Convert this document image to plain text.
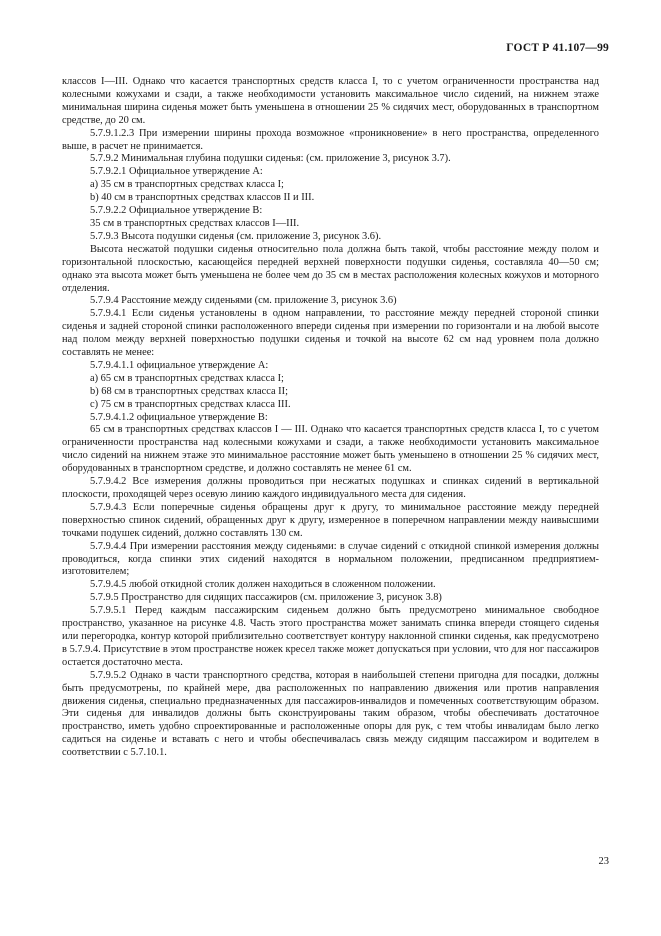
ГОСТ Р 41.107—99

классов I—III. Однако что касается транспортных средств класса I, то с учетом ограниченности пространства над колесными кожухами и сзади, а также необходимости установить максимальное число сидений, на нижнем этаже минимальная ширина сиденья может быть уменьшена в отношении 25 % сидячих мест, оборудованных в транспортном средстве, до 20 см.

5.7.9.1.2.3 При измерении ширины прохода возможное «проникновение» в него пространства, определенного выше, в расчет не принимается.

5.7.9.2 Минимальная глубина подушки сиденья: (см. приложение 3, рисунок 3.7).

5.7.9.2.1 Официальное утверждение А:

a) 35 см в транспортных средствах класса I;

b) 40 см в транспортных средствах классов II и III.

5.7.9.2.2 Официальное утверждение В:

35 см в транспортных средствах классов I—III.

5.7.9.3 Высота подушки сиденья (см. приложение 3, рисунок 3.6).

Высота несжатой подушки сиденья относительно пола должна быть такой, чтобы расстояние между полом и горизонтальной плоскостью, касающейся передней верхней поверхности подушки сиденья, составляла 40—50 см; однако эта высота может быть уменьшена не более чем до 35 см в местах расположения колесных кожухов и моторного отделения.

5.7.9.4 Расстояние между сиденьями (см. приложение 3, рисунок 3.6)

5.7.9.4.1 Если сиденья установлены в одном направлении, то расстояние между передней стороной спинки сиденья и задней стороной спинки расположенного впереди сиденья при измерении по горизонтали и на любой высоте над полом между верхней поверхностью подушки сиденья и точкой на высоте 62 см над уровнем пола должно составлять не менее:

5.7.9.4.1.1 официальное утверждение А:

a) 65 см в транспортных средствах класса I;

b) 68 см в транспортных средствах класса II;

c) 75 см в транспортных средствах класса III.

5.7.9.4.1.2 официальное утверждение В:

65 см в транспортных средствах классов I — III. Однако что касается транспортных средств класса I, то с учетом ограниченности пространства над колесными кожухами и сзади, а также необходимости установить максимальное число сидений на нижнем этаже это минимальное расстояние может быть уменьшено в отношении 25 % сидячих мест, оборудованных в транспортном средстве, и должно составлять не менее 61 см.

5.7.9.4.2 Все измерения должны проводиться при несжатых подушках и спинках сидений в вертикальной плоскости, проходящей через осевую линию каждого индивидуального места для сидения.

5.7.9.4.3 Если поперечные сиденья обращены друг к другу, то минимальное расстояние между передней поверхностью спинок сидений, обращенных друг к другу, измеренное в поперечном направлении между наивысшими точками подушек сидений, должно составлять 130 см.

5.7.9.4.4 При измерении расстояния между сиденьями: в случае сидений с откидной спинкой измерения должны проводиться, когда спинки этих сидений находятся в нормальном положении, предписанном предприятием-изготовителем;

5.7.9.4.5 любой откидной столик должен находиться в сложенном положении.

5.7.9.5 Пространство для сидящих пассажиров (см. приложение 3, рисунок 3.8)

5.7.9.5.1 Перед каждым пассажирским сиденьем должно быть предусмотрено минимальное свободное пространство, указанное на рисунке 4.8. Часть этого пространства может занимать спинка впереди стоящего сиденья или перегородка, контур которой приблизительно соответствует контуру наклонной спинки сиденья, как предусмотрено в 5.7.9.4. Присутствие в этом пространстве ножек кресел также может допускаться при условии, что для ног пассажиров остается достаточно места.

5.7.9.5.2 Однако в части транспортного средства, которая в наибольшей степени пригодна для посадки, должны быть предусмотрены, по крайней мере, два расположенных по направлению движения или против направления движения сиденья, специально предназначенных для пассажиров-инвалидов и помеченных соответствующим образом. Эти сиденья для инвалидов должны быть сконструированы таким образом, чтобы обеспечивать достаточное пространство, иметь удобно спроектированные и расположенные опоры для рук, с тем чтобы инвалидам было легко садиться на сиденье и вставать с него и чтобы обеспечивалась связь между сидящим пассажиром и водителем в соответствии с 5.7.10.1.

23
